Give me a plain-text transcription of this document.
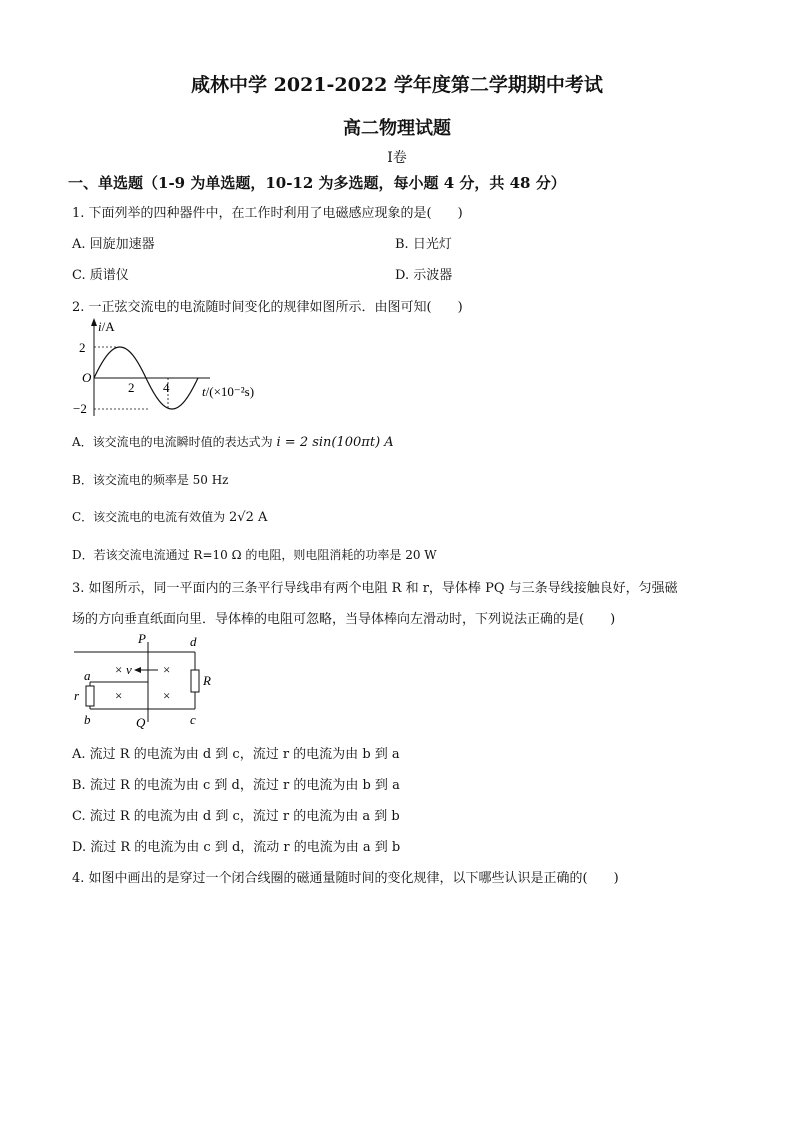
咸林中学 2021-2022 学年度第二学期期中考试
高二物理试题
Ⅰ卷
一、单选题（1-9 为单选题，10-12 为多选题，每小题 4 分，共 48 分）
1. 下面列举的四种器件中，在工作时利用了电磁感应现象的是(　　)
A. 回旋加速器	B. 日光灯
C. 质谱仪	D. 示波器
2. 一正弦交流电的电流随时间变化的规律如图所示．由图可知(　　)
i/A
2
O
−2
2 4	t/(×10⁻²s)
A．该交流电的电流瞬时值的表达式为 i = 2 sin(100πt) A
B．该交流电的频率是 50 Hz
C．该交流电的电流有效值为 2√2 A
D．若该交流电流通过 R=10 Ω 的电阻，则电阻消耗的功率是 20 W
3. 如图所示，同一平面内的三条平行导线串有两个电阻 R 和 r，导体棒 PQ 与三条导线接触良好，匀强磁
场的方向垂直纸面向里．导体棒的电阻可忽略，当导体棒向左滑动时，下列说法正确的是(　　)
×	×
×	×
v
P
Q
d
c
R
a
b
r
A. 流过 R 的电流为由 d 到 c，流过 r 的电流为由 b 到 a
B. 流过 R 的电流为由 c 到 d，流过 r 的电流为由 b 到 a
C. 流过 R 的电流为由 d 到 c，流过 r 的电流为由 a 到 b
D. 流过 R 的电流为由 c 到 d，流动 r 的电流为由 a 到 b
4. 如图中画出的是穿过一个闭合线圈的磁通量随时间的变化规律，以下哪些认识是正确的(　　)
